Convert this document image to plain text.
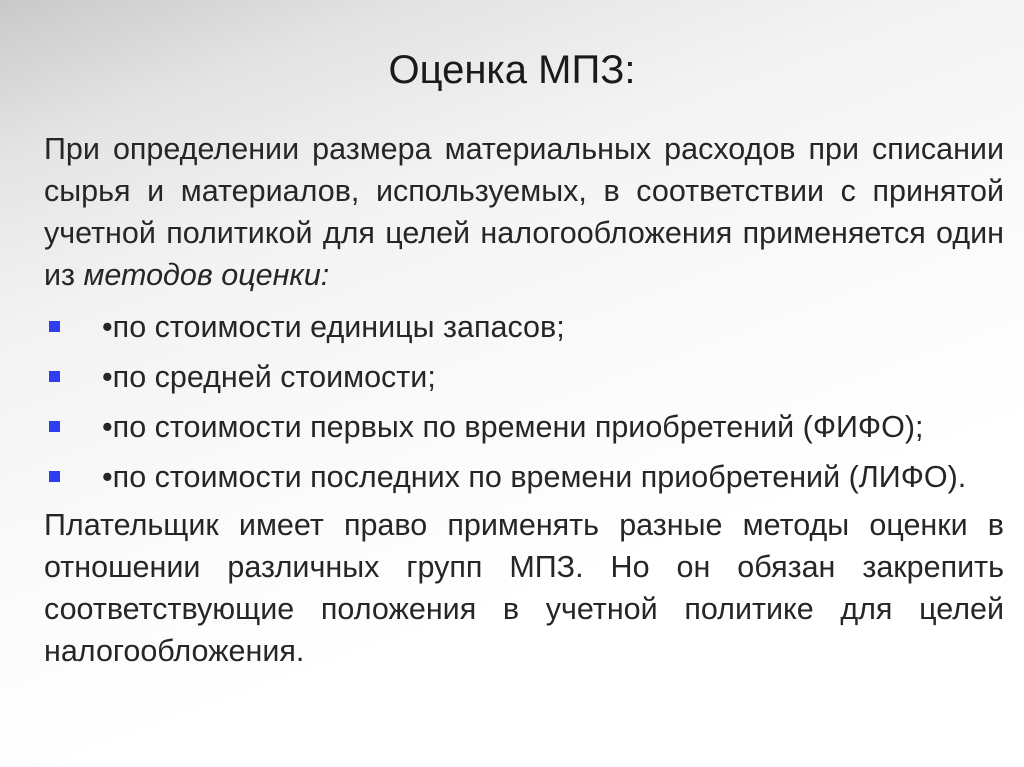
Оценка МПЗ:

При определении размера материальных расходов при списании сырья и материалов, используемых, в соответствии с принятой учетной политикой для целей налогообложения применяется один из методов оценки:

•по стоимости единицы запасов;
•по средней стоимости;
•по стоимости первых по времени приобретений (ФИФО);
•по стоимости последних по времени приобретений (ЛИФО).

Плательщик имеет право применять разные методы оценки в отношении различных групп МПЗ. Но он обязан закрепить соответствующие положения в учетной политике для целей налогообложения.
